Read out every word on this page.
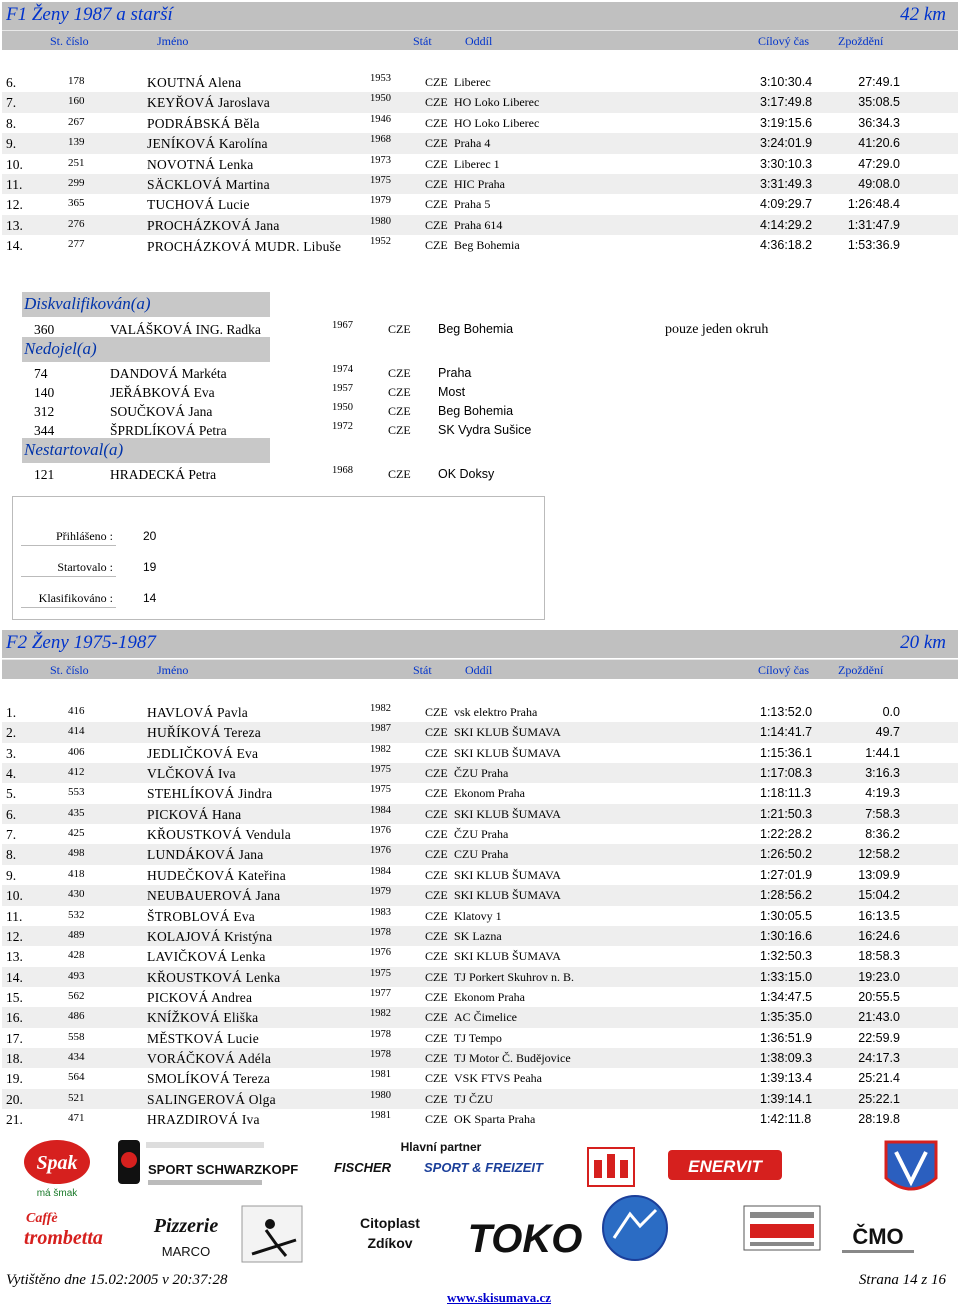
F1 Ženy 1987 a starší	42 km
St. číslo	Jméno	Stát	Oddíl	Cílový čas Zpoždění
6.	178	KOUTNÁ Alena	1953	CZE Liberec	3:10:30.4	27:49.1
7.	160	KEYŘOVÁ Jaroslava	1950	CZE HO Loko Liberec	3:17:49.8	35:08.5
8.	267	PODRÁBSKÁ Běla	1946	CZE HO Loko Liberec	3:19:15.6	36:34.3
9.	139	JENÍKOVÁ Karolína	1968	CZE Praha 4	3:24:01.9	41:20.6
10.	251	NOVOTNÁ Lenka	1973	CZE Liberec 1	3:30:10.3	47:29.0
11.	299	SÄCKLOVÁ Martina	1975	CZE HIC Praha	3:31:49.3	49:08.0
12.	365	TUCHOVÁ Lucie	1979	CZE Praha 5	4:09:29.7	1:26:48.4
13.	276	PROCHÁZKOVÁ Jana	1980	CZE Praha 614	4:14:29.2	1:31:47.9
14.	277	PROCHÁZKOVÁ MUDR. Libuše	1952	CZE Beg Bohemia	4:36:18.2	1:53:36.9
Diskvalifikován(a)
360	VALÁŠKOVÁ ING. Radka	1967	CZE Beg Bohemia	pouze jeden okruh
Nedojel(a)
74	DANDOVÁ Markéta	1974	CZE Praha
140	JEŘÁBKOVÁ Eva	1957	CZE Most
312	SOUČKOVÁ Jana	1950	CZE Beg Bohemia
344	ŠPRDLÍKOVÁ Petra	1972	CZE SK Vydra Sušice
Nestartoval(a)
121	HRADECKÁ Petra	1968	CZE OK Doksy
Přihlášeno :	20
Startovalo :	19
Klasifikováno :	14
F2 Ženy 1975-1987	20 km
St. číslo	Jméno	Stát	Oddíl	Cílový čas Zpoždění
1.	416	HAVLOVÁ Pavla	1982	CZE vsk elektro Praha	1:13:52.0	0.0
2.	414	HUŘÍKOVÁ Tereza	1987	CZE SKI KLUB ŠUMAVA	1:14:41.7	49.7
3.	406	JEDLIČKOVÁ Eva	1982	CZE SKI KLUB ŠUMAVA	1:15:36.1	1:44.1
4.	412	VLČKOVÁ Iva	1975	CZE ČZU Praha	1:17:08.3	3:16.3
5.	553	STEHLÍKOVÁ Jindra	1975	CZE Ekonom Praha	1:18:11.3	4:19.3
6.	435	PICKOVÁ Hana	1984	CZE SKI KLUB ŠUMAVA	1:21:50.3	7:58.3
7.	425	KŘOUSTKOVÁ Vendula	1976	CZE ČZU Praha	1:22:28.2	8:36.2
8.	498	LUNDÁKOVÁ Jana	1976	CZE CZU Praha	1:26:50.2	12:58.2
9.	418	HUDEČKOVÁ Kateřina	1984	CZE SKI KLUB ŠUMAVA	1:27:01.9	13:09.9
10.	430	NEUBAUEROVÁ Jana	1979	CZE SKI KLUB ŠUMAVA	1:28:56.2	15:04.2
11.	532	ŠTROBLOVÁ Eva	1983	CZE Klatovy 1	1:30:05.5	16:13.5
12.	489	KOLAJOVÁ Kristýna	1978	CZE SK Lazna	1:30:16.6	16:24.6
13.	428	LAVIČKOVÁ Lenka	1976	CZE SKI KLUB ŠUMAVA	1:32:50.3	18:58.3
14.	493	KŘOUSTKOVÁ Lenka	1975	CZE TJ Porkert Skuhrov n. B.	1:33:15.0	19:23.0
15.	562	PICKOVÁ Andrea	1977	CZE Ekonom Praha	1:34:47.5	20:55.5
16.	486	KNÍŽKOVÁ Eliška	1982	CZE AC Čimelice	1:35:35.0	21:43.0
17.	558	MĚSTKOVÁ Lucie	1978	CZE TJ Tempo	1:36:51.9	22:59.9
18.	434	VORÁČKOVÁ Adéla	1978	CZE TJ Motor Č. Budějovice	1:38:09.3	24:17.3
19.	564	SMOLÍKOVÁ Tereza	1981	CZE VSK FTVS Peaha	1:39:13.4	25:21.4
20.	521	SALINGEROVÁ Olga	1980	CZE TJ ČZU	1:39:14.1	25:22.1
21.	471	HRAZDIROVÁ Iva	1981	CZE OK Sparta Praha	1:42:11.8	28:19.8
Spak
má šmak
SPORT SCHWARZKOPF
Hlavní partner
FISCHER	SPORT & FREIZEIT	ENERVIT
Caffè
trombetta
Pizzerie
MARCO
Citoplast
Zdíkov TOKO	ČMO
Vytištěno dne 15.02:2005 v 20:37:28	Strana 14 z 16
www.skisumava.cz
